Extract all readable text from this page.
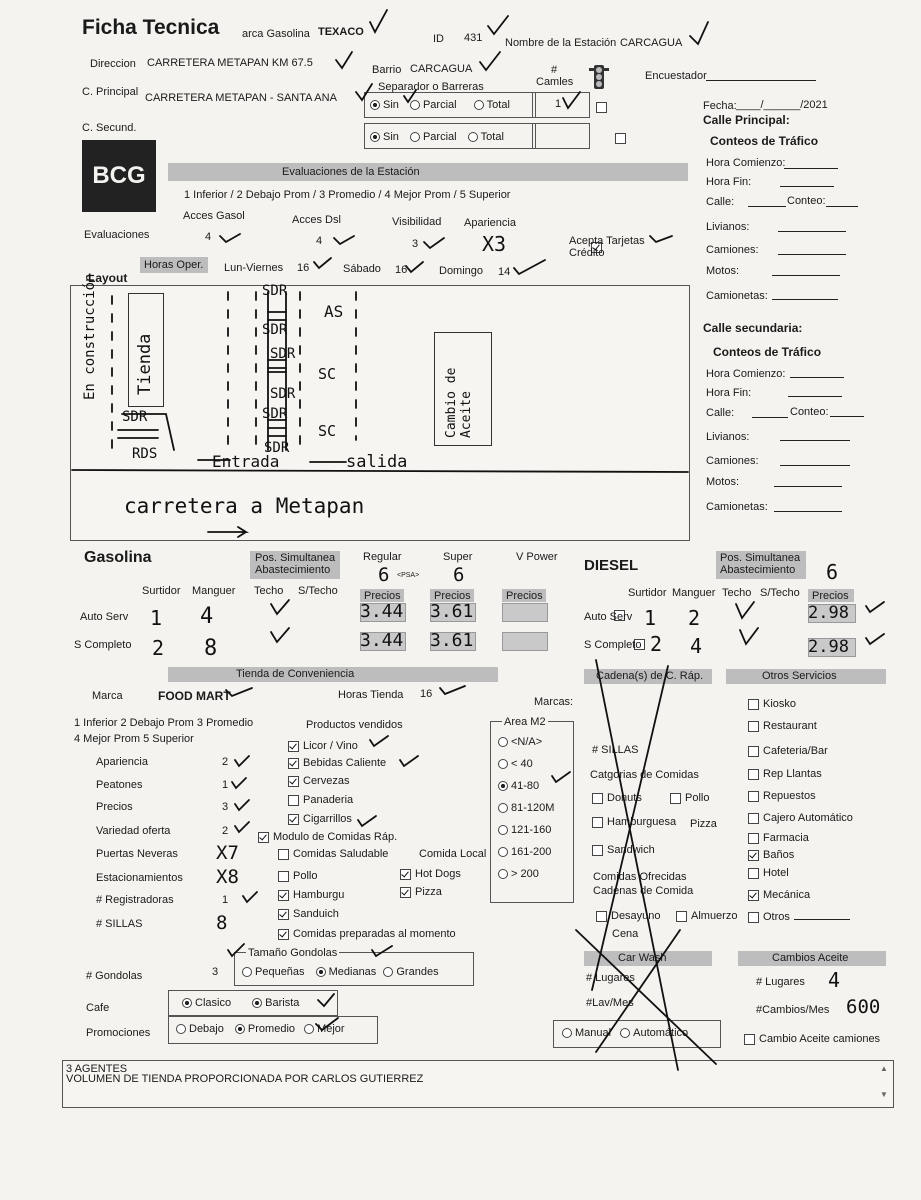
Ficha Tecnica arca Gasolina TEXACO
ID 431 Nombre de la Estación CARCAGUA
Direccion CARRETERA METAPAN KM 67.5
Barrio CARCAGUA
Separador o Barreras
# Camles	Encuestador
C. Principal CARRETERA METAPAN - SANTA ANA
Sin Parcial	Total	1
	Fecha: ____/______/2021
C. Secund.
Sin Parcial Total

BCG	Evaluaciones de la Estación
1 Inferior / 2 Debajo Prom / 3 Promedio / 4 Mejor Prom / 5 Superior
Acces Gasol	Acces Dsl	Visibilidad Apariencia
Evaluaciones	4	4	3	X3
	Acepta Tarjetas Crédito
Horas Oper. Lun-Viernes 16	Sábado 16	Domingo 14
Layout
En construcción Tienda
Cambio de Aceite
AS
SDR
SDR
SDR
SDR
SDR
SDR
SDR
SC
SC
RDS	Entrada	salida
carretera a Metapan
Calle Principal:
Conteos de Tráfico
Hora Comienzo:
Hora Fin:
Calle:	Conteo:
Livianos:
Camiones:
Motos:
Camionetas:
Calle secundaria:
Conteos de Tráfico
Hora Comienzo:
Hora Fin:
Calle:	Conteo:
Livianos:
Camiones:
Motos:
Camionetas:
Gasolina	Pos. Simultanea Abastecimiento
Regular	Super	V Power
6 <PSA> 6
Surtidor Manguer Techo S/Techo Precios	Precios	Precios
Auto Serv 1 4	3.44 3.61

S Completo 2 8	3.44 3.61
DIESEL	Pos. Simultanea Abastecimiento	6
Surtidor Manguer Techo S/Techo Precios
Auto Serv 1 2	2.98
S Completo 2 4	2.98
Tienda de Conveniencia
Marca	FOOD MART	Horas Tienda 16
1 Inferior 2 Debajo Prom 3 Promedio
4 Mejor Prom 5 Superior
Productos vendidos
Modulo de Comidas Ráp.
Comidas Saludable	Comida Local
Pollo	Hot Dogs
Hamburgu	Pizza
Sanduich
Comidas preparadas al momento
Area M2
Tamaño Gondolas
# Gondolas	3	Pequeñas Medianas Grandes
Cafe	Clasico	Barista
Promociones	Debajo Promedio Mejor
Cadena(s) de C. Ráp.
Marcas:
# SILLAS
Catgorias de Comidas
Donuts	Pollo
Hamburguesa Pizza
Sandwich
Comidas Ofrecidas
Cadenas de Comida
Desayuno	Almuerzo
Cena
Car Wash
# Lugares
#Lav/Mes
Manual Automático
Otros Servicios
Cambios Aceite
# Lugares 4
#Cambios/Mes 600
Cambio Aceite camiones
3 AGENTES
VOLUMEN DE TIENDA PROPORCIONADA POR CARLOS GUTIERREZ
▲
▼
Apariencia	2
Peatones	1
Precios	3
Variedad oferta	2
Puertas Neveras X7
Estacionamientos X8
# Registradoras	1
# SILLAS	8
Licor / Vino
Bebidas Caliente
Cervezas
Panaderia
Cigarrillos
<N/A>
< 40
41-80
81-120M
121-160
161-200
> 200
Kiosko
Restaurant
Cafeteria/Bar
Rep Llantas
Repuestos
Cajero Automático
Farmacia
Baños
Hotel
Mecánica
Otros
